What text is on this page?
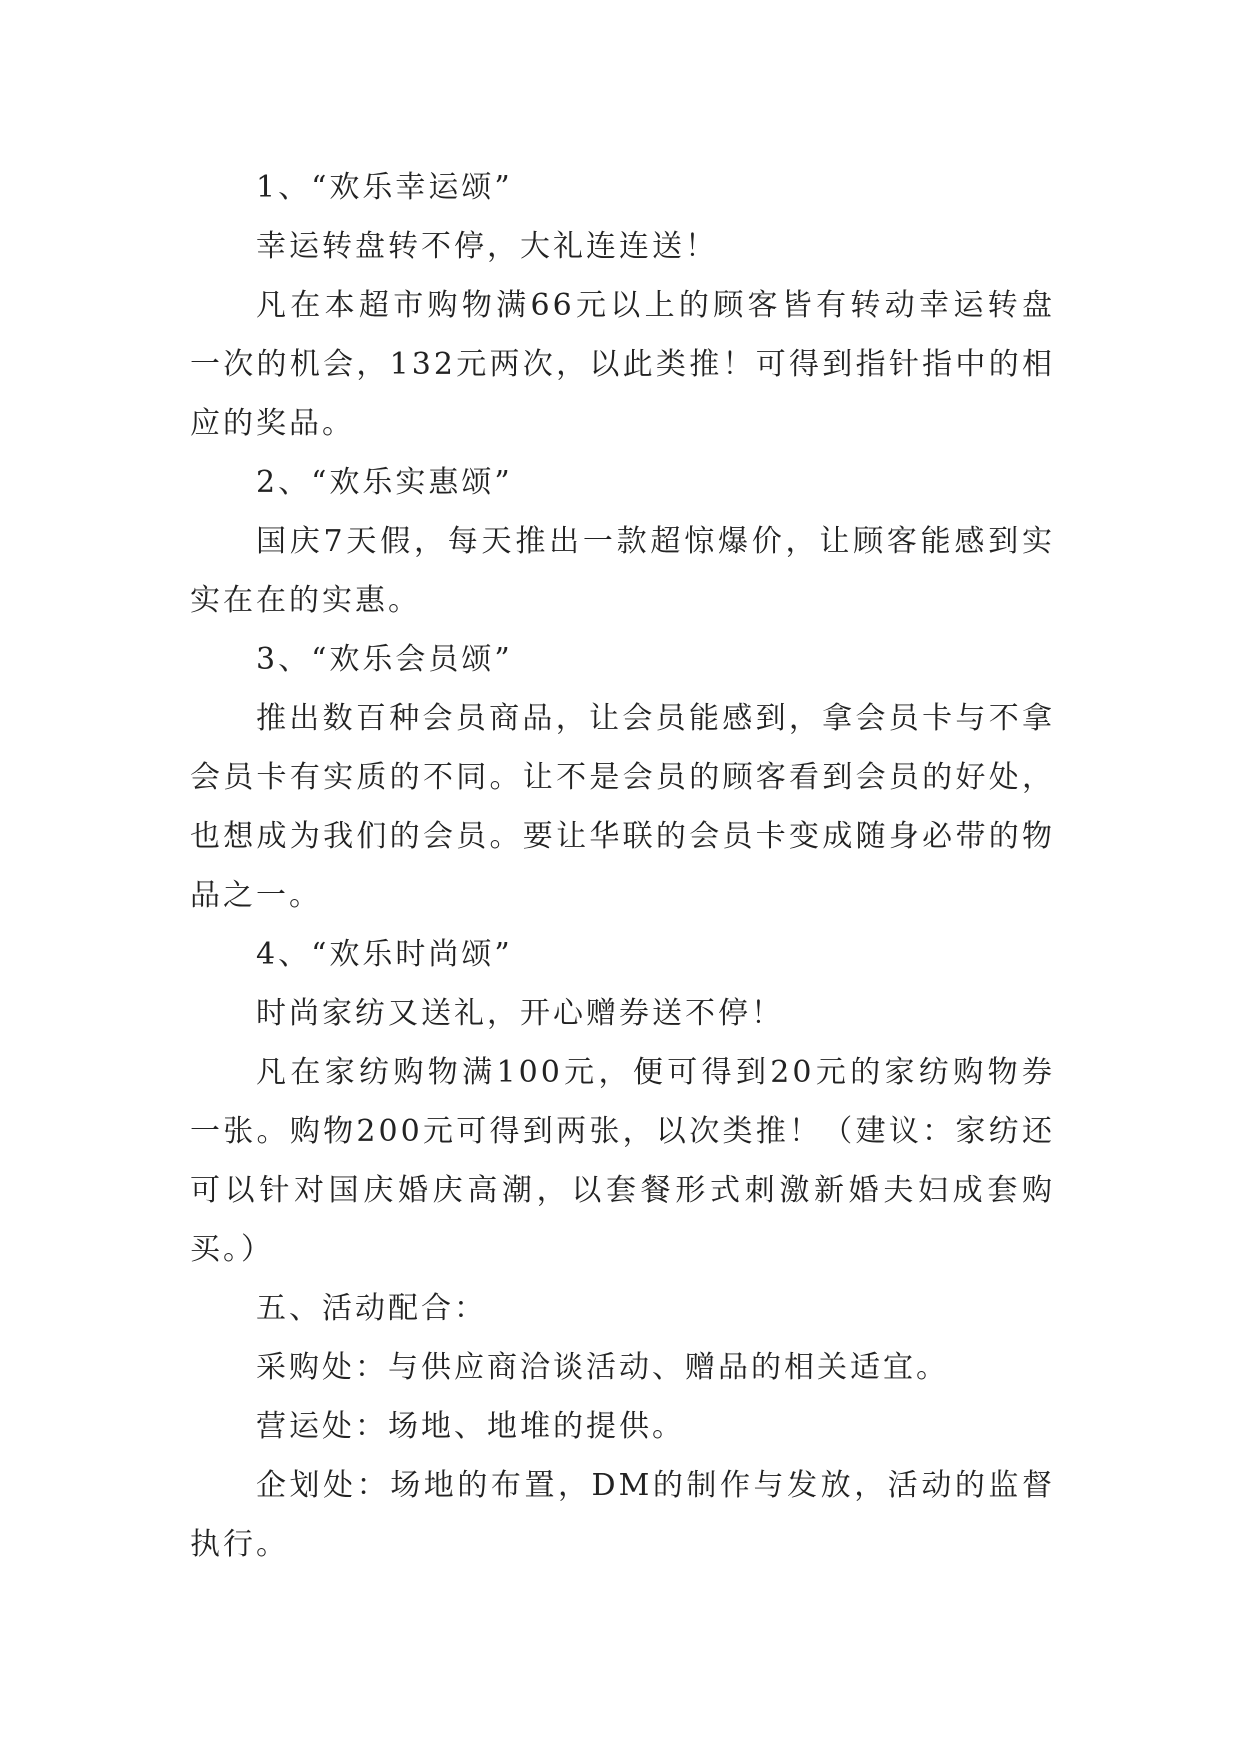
1、“欢乐幸运颂”

幸运转盘转不停，大礼连连送！

凡在本超市购物满66元以上的顾客皆有转动幸运转盘一次的机会，132元两次，以此类推！可得到指针指中的相应的奖品。

2、“欢乐实惠颂”

国庆7天假，每天推出一款超惊爆价，让顾客能感到实实在在的实惠。

3、“欢乐会员颂”

推出数百种会员商品，让会员能感到，拿会员卡与不拿会员卡有实质的不同。让不是会员的顾客看到会员的好处，也想成为我们的会员。要让华联的会员卡变成随身必带的物品之一。

4、“欢乐时尚颂”

时尚家纺又送礼，开心赠券送不停！

凡在家纺购物满100元，便可得到20元的家纺购物券一张。购物200元可得到两张，以次类推！（建议：家纺还可以针对国庆婚庆高潮，以套餐形式刺激新婚夫妇成套购买。）

五、活动配合：

采购处：与供应商洽谈活动、赠品的相关适宜。

营运处：场地、地堆的提供。

企划处：场地的布置，DM的制作与发放，活动的监督执行。
